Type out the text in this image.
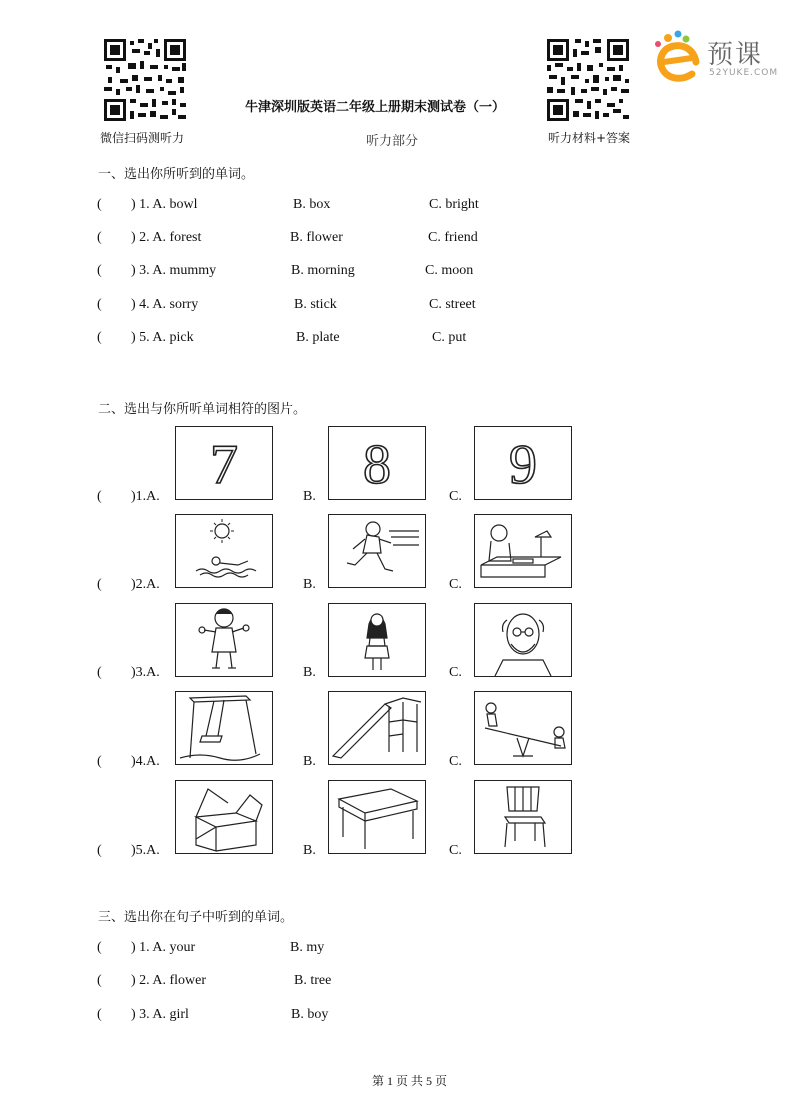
微信扫码测听力	听力材料+答案
预课
52YUKE.COM
牛津深圳版英语二年级上册期末测试卷（一）
听力部分
一、选出你所听到的单词。
( ) 1. A. bowl	B. box	C. bright
( ) 2. A. forest	B. flower	C. friend
( ) 3. A. mummy	B. morning	C. moon
( ) 4. A. sorry	B. stick	C. street
( ) 5. A. pick	B. plate	C. put
二、选出与你所听单词相符的图片。
7 8 9
( )1.A.	B.	C.
( )2.A.	B.	C.
( )3.A.	B.	C.
( )4.A.	B.	C.
( )5.A.	B.	C.
三、选出你在句子中听到的单词。
( ) 1. A. your	B. my
( ) 2. A. flower	B. tree
( ) 3. A. girl	B. boy
第 1 页 共 5 页
